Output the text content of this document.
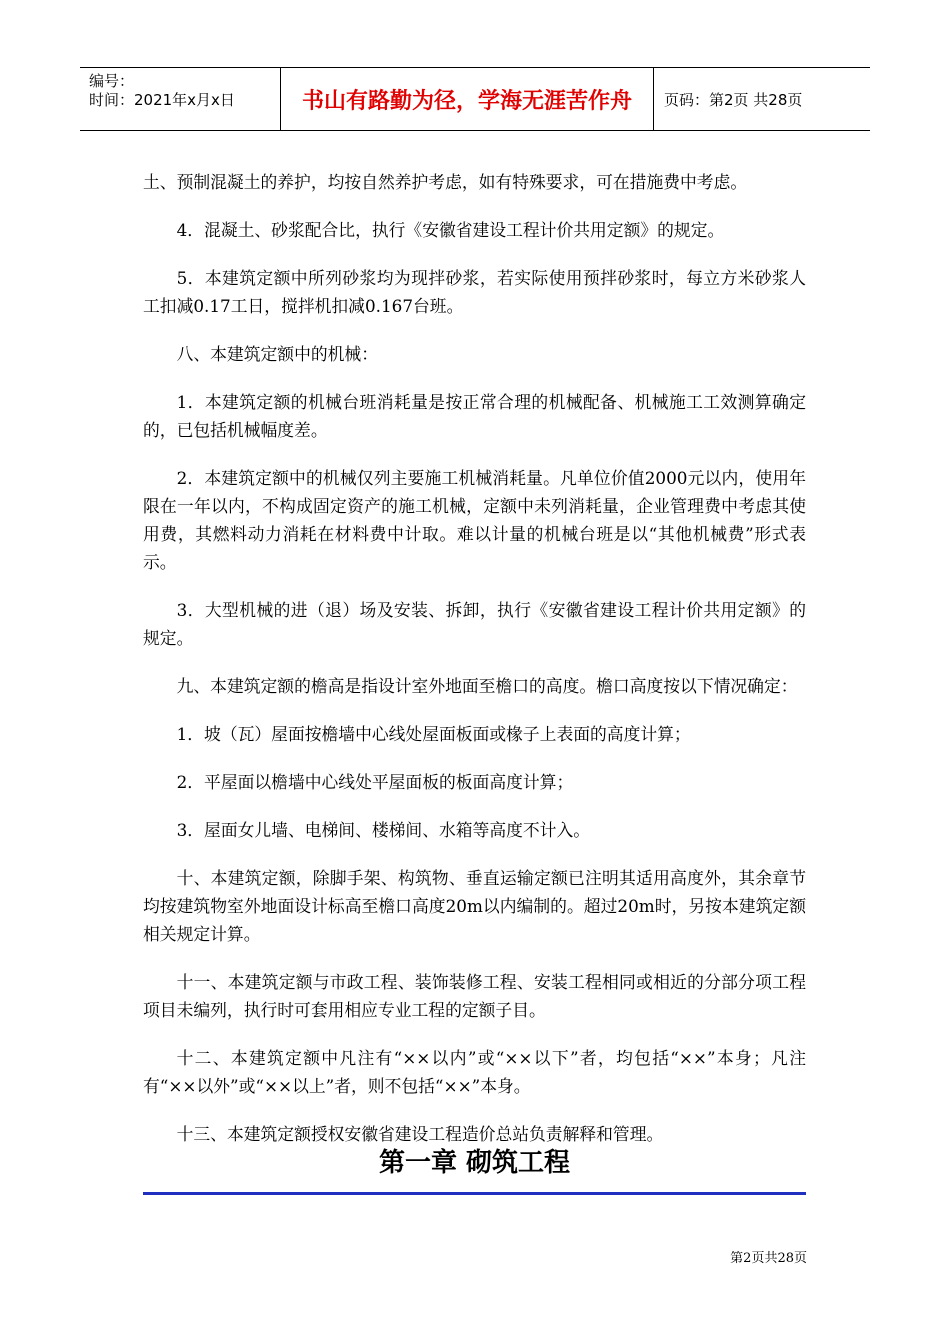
编号：
时间：2021年x月x日	书山有路勤为径，学海无涯苦作舟	页码：第2页 共28页

土、预制混凝土的养护，均按自然养护考虑，如有特殊要求，可在措施费中考虑。

4．混凝土、砂浆配合比，执行《安徽省建设工程计价共用定额》的规定。

5．本建筑定额中所列砂浆均为现拌砂浆，若实际使用预拌砂浆时，每立方米砂浆人工扣减0.17工日，搅拌机扣减0.167台班。

八、本建筑定额中的机械：

1．本建筑定额的机械台班消耗量是按正常合理的机械配备、机械施工工效测算确定的，已包括机械幅度差。

2．本建筑定额中的机械仅列主要施工机械消耗量。凡单位价值2000元以内，使用年限在一年以内，不构成固定资产的施工机械，定额中未列消耗量，企业管理费中考虑其使用费，其燃料动力消耗在材料费中计取。难以计量的机械台班是以“其他机械费”形式表示。

3．大型机械的进（退）场及安装、拆卸，执行《安徽省建设工程计价共用定额》的规定。

九、本建筑定额的檐高是指设计室外地面至檐口的高度。檐口高度按以下情况确定：

1．坡（瓦）屋面按檐墙中心线处屋面板面或椽子上表面的高度计算；

2．平屋面以檐墙中心线处平屋面板的板面高度计算；

3．屋面女儿墙、电梯间、楼梯间、水箱等高度不计入。

十、本建筑定额，除脚手架、构筑物、垂直运输定额已注明其适用高度外，其余章节均按建筑物室外地面设计标高至檐口高度20m以内编制的。超过20m时，另按本建筑定额相关规定计算。

十一、本建筑定额与市政工程、装饰装修工程、安装工程相同或相近的分部分项工程项目未编列，执行时可套用相应专业工程的定额子目。

十二、本建筑定额中凡注有“××以内”或“××以下”者，均包括“××”本身；凡注有“××以外”或“××以上”者，则不包括“××”本身。

十三、本建筑定额授权安徽省建设工程造价总站负责解释和管理。

第一章 砌筑工程
第2页共28页
